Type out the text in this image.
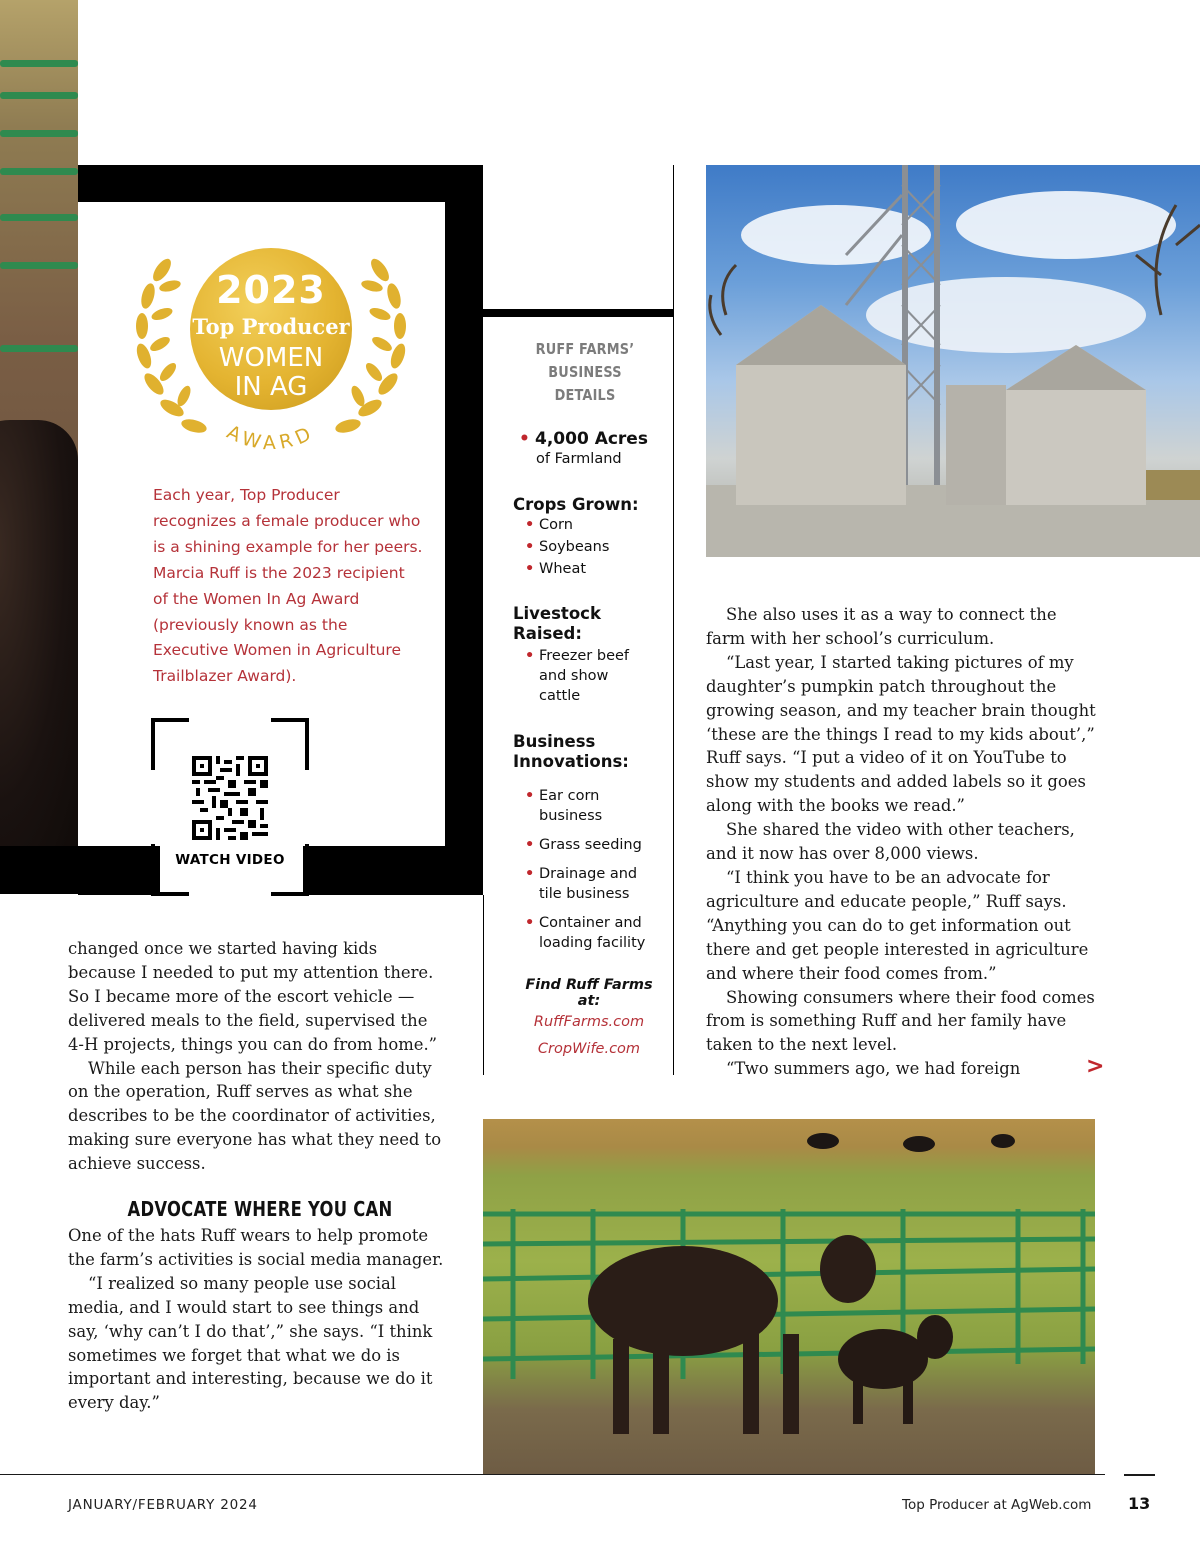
AWARD
2023
Top Producer
WOMEN
IN AG
Each year, Top Producer recognizes a female producer who is a shining example for her peers. Marcia Ruff is the 2023 recipient of the Women In Ag Award (previously known as the Executive Women in Agriculture Trailblazer Award).
WATCH VIDEO
RUFF FARMS’
BUSINESS DETAILS
• 4,000 Acres
of Farmland
Crops Grown:
• Corn
• Soybeans
• Wheat
Livestock
Raised:
• Freezer beef and show cattle
Business
Innovations:
• Ear corn business
• Grass seeding
• Drainage and tile business
• Container and loading facility
Find Ruff Farms at:
RuffFarms.com
CropWife.com

changed once we started having kids because I needed to put my attention there. So I became more of the escort vehicle — delivered meals to the field, supervised the 4-H projects, things you can do from home.”

While each person has their specific duty on the operation, Ruff serves as what she describes to be the coordinator of activities, making sure everyone has what they need to achieve success.

ADVOCATE WHERE YOU CAN

One of the hats Ruff wears to help promote the farm’s activities is social media manager.

“I realized so many people use social media, and I would start to see things and say, ‘why can’t I do that’,” she says. “I think sometimes we forget that what we do is important and interesting, because we do it every day.”

She also uses it as a way to connect the farm with her school’s curriculum.

“Last year, I started taking pictures of my daughter’s pumpkin patch throughout the growing season, and my teacher brain thought ‘these are the things I read to my kids about’,” Ruff says. “I put a video of it on YouTube to show my students and added labels so it goes along with the books we read.”

She shared the video with other teachers, and it now has over 8,000 views.

“I think you have to be an advocate for agriculture and educate people,” Ruff says. “Anything you can do to get information out there and get people interested in agriculture and where their food comes from.”

Showing consumers where their food comes from is something Ruff and her family have taken to the next level.

“Two summers ago, we had foreign	>
JANUARY/FEBRUARY 2024	Top Producer at AgWeb.com 13
